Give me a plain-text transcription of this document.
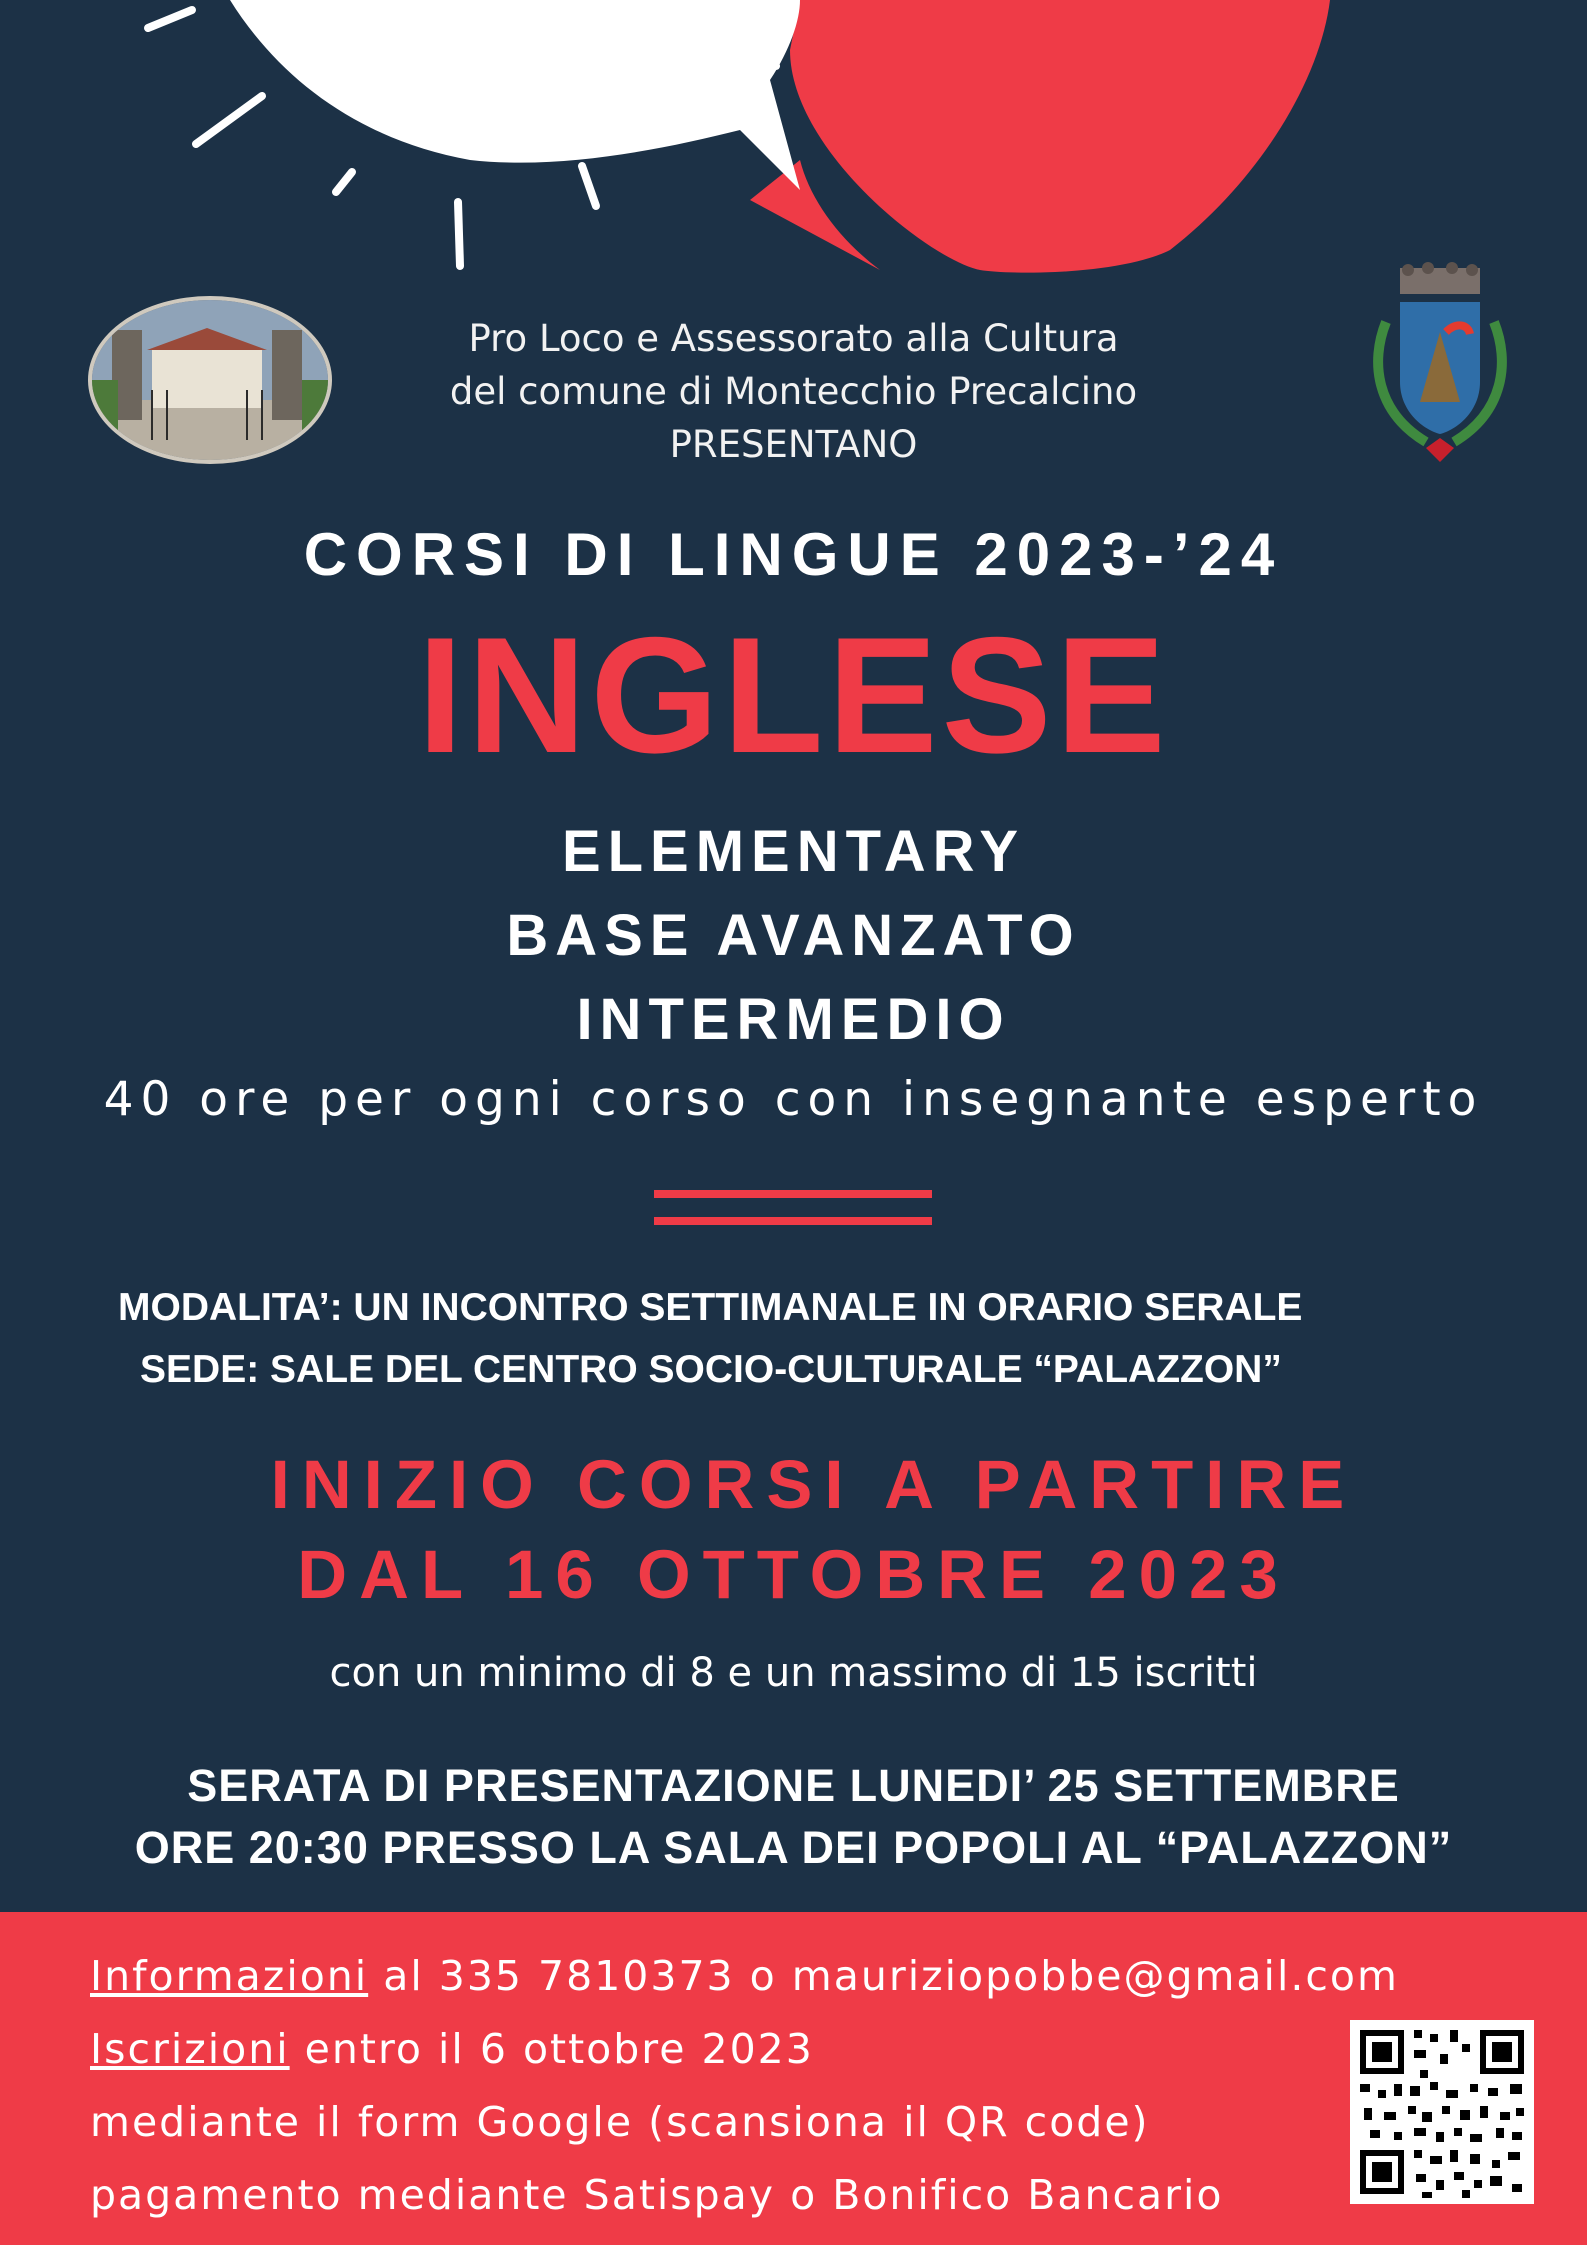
Pro Loco e Assessorato alla Cultura
del comune di Montecchio Precalcino
PRESENTANO
CORSI DI LINGUE 2023-’24
INGLESE
ELEMENTARY
BASE AVANZATO
INTERMEDIO
40 ore per ogni corso con insegnante esperto
MODALITA’: UN INCONTRO SETTIMANALE IN ORARIO SERALE
SEDE: SALE DEL CENTRO SOCIO-CULTURALE “PALAZZON”
INIZIO CORSI A PARTIRE
DAL 16 OTTOBRE 2023
con un minimo di 8 e un massimo di 15 iscritti
SERATA DI PRESENTAZIONE LUNEDI’ 25 SETTEMBRE
ORE 20:30 PRESSO LA SALA DEI POPOLI AL “PALAZZON”
Informazioni al 335 7810373 o mauriziopobbe@gmail.com
Iscrizioni entro il 6 ottobre 2023
mediante il form Google (scansiona il QR code)
pagamento mediante Satispay o Bonifico Bancario
